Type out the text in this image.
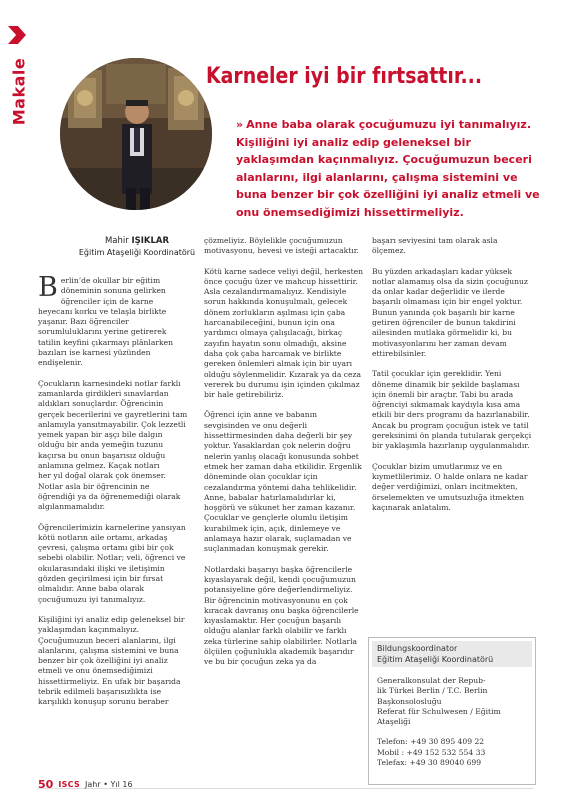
Makale
Mahir IŞIKLAR
Eğitim Ataşeliği Koordinatörü
Karneler iyi bir fırtsattır...
» Anne baba olarak çocuğumuzu iyi tanımalıyız. Kişiliğini iyi analiz edip geleneksel bir yaklaşımdan kaçınmalıyız. Çocuğumuzun beceri alanlarını, ilgi alanlarını, çalışma sistemini ve buna benzer bir çok özelliğini iyi analiz etmeli ve onu önemsediğimizi hissettirmeliyiz.

Berlin’de okullar bir eğitim döneminin sonuna gelirken öğrenciler için de karne heyecanı korku ve telaşla birlikte yaşanır. Bazı öğrenciler sorumluluklarını yerine getirerek tatilin keyfini çıkarmayı plânlarken bazıları ise karnesi yüzünden endişelenir.

Çocukların karnesindeki notlar farklı zamanlarda girdikleri sınavlardan aldıkları sonuçlardır. Öğrencinin gerçek becerilerini ve gayretlerini tam anlamıyla yansıtmayabilir. Çok lezzetli yemek yapan bir aşçı bile dalgın olduğu bir anda yemeğin tuzunu kaçırsa bu onun başarısız olduğu anlamına gelmez. Kaçak notları
her yıl doğal olarak çok önemser. Notlar asla bir öğrencinin ne öğrendiği ya da öğrenemediği olarak algılanmamalıdır.

Öğrencilerimizin karnelerine yansıyan kötü notların aile ortamı, arkadaş çevresi, çalışma ortamı gibi bir çok sebebi olabilir. Notlar; veli, öğrenci ve okularasındaki ilişki ve iletişimin gözden geçirilmesi için bir fırsat olmalıdır. Anne baba olarak çocuğumuzu iyi tanımalıyız.

Kişiliğini iyi analiz edip geleneksel bir yaklaşımdan kaçınmalıyız. Çocuğumuzun beceri alanlarını, ilgi alanlarını, çalışma sistemini ve buna benzer bir çok özelliğini iyi analiz etmeli ve onu önemsediğimizi hissettirmeliyiz. En ufak bir başarıda tebrik edilmeli başarısızlıkta ise karşılıklı konuşup sorunu beraber

çözmeliyiz. Böylelikle çocuğumuzun motivasyonu, hevesi ve isteği artacaktır.

Kötü karne sadece veliyi değil, herkesten önce çocuğu üzer ve mahcup hissettirir. Asla cezalandırmamalıyız. Kendisiyle sorun hakkında konuşulmalı, gelecek dönem zorlukların aşılması için çaba harcanabileceğini, bunun için ona yardımcı olmaya çalışılacağı, birkaç zayıfın hayatın sonu olmadığı, aksine daha çok çaba harcamak ve birlikte gereken önlemleri almak için bir uyarı olduğu söylenmelidir. Kızarak ya da ceza vererek bu durumu işin içinden çıkılmaz bir hale getirebiliriz.

Öğrenci için anne ve babanın sevgisinden ve onu değerli hissettirmesinden daha değerli bir şey yoktur. Yasaklardan çok nelerin doğru nelerin yanlış olacağı konusunda sohbet etmek her zaman daha etkilidir. Ergenlik döneminde olan çocuklar için cezalandırma yöntemi daha tehlikelidir. Anne, babalar hatırlamalıdırlar ki, hoşgörü ve sükunet her zaman kazanır. Çocuklar ve gençlerle olumlu iletişim kurabilmek için, açık, dinlemeye ve anlamaya hazır olarak, suçlamadan ve suçlanmadan konuşmak gerekir.

Notlardaki başarıyı başka öğrencilerle kıyaslayarak değil, kendi çocuğumuzun potansiyeline göre değerlendirmeliyiz. Bir öğrencinin motivasyonunu en çok kıracak davranış onu başka öğrencilerle kıyaslamaktır. Her çocuğun başarılı olduğu alanlar farklı olabilir ve farklı zeka türlerine sahip olabilirler. Notlarla ölçülen çoğunlukla akademik başarıdır ve bu bir çocuğun zeka ya da

başarı seviyesini tam olarak asla ölçemez.

Bu yüzden arkadaşları kadar yüksek notlar alamamış olsa da sizin çocuğunuz da onlar kadar değerlidir ve ilerde başarılı olmaması için bir engel yoktur. Bunun yanında çok başarılı bir karne getiren öğrenciler de bunun takdirini ailesinden mutlaka görmelidir ki, bu motivasyonlarını her zaman devam ettirebilsinler.

Tatil çocuklar için gereklidir. Yeni döneme dinamik bir şekilde başlaması için önemli bir araçtır. Tabi bu arada öğrenciyi sıkmamak kaydıyla kısa ama etkili bir ders programı da hazırlanabilir. Ancak bu program çocuğun istek ve tatil gereksinimi ön planda tutularak gerçekçi bir yaklaşımla hazırlanıp uygulanmalıdır.

Çocuklar bizim umutlarımız ve en kıymetlilerimiz. O halde onlara ne kadar değer verdiğimizi, onları incitmekten, örselemekten ve umutsuzluğa itmekten kaçınarak anlatalım.

Bildungskoordinator
Eğitim Ataşeliği Koordinatörü

Generalkonsulat der Repub-
lik Türkei Berlin / T.C. Berlin
Başkonsolosluğu
Referat für Schulwesen / Eğitim
Ataşeliği

Telefon: +49 30 895 409 22
Mobil : +49 152 532 554 33
Telefax: +49 30 89040 699

50 ISCS Jahr • Yıl 16
